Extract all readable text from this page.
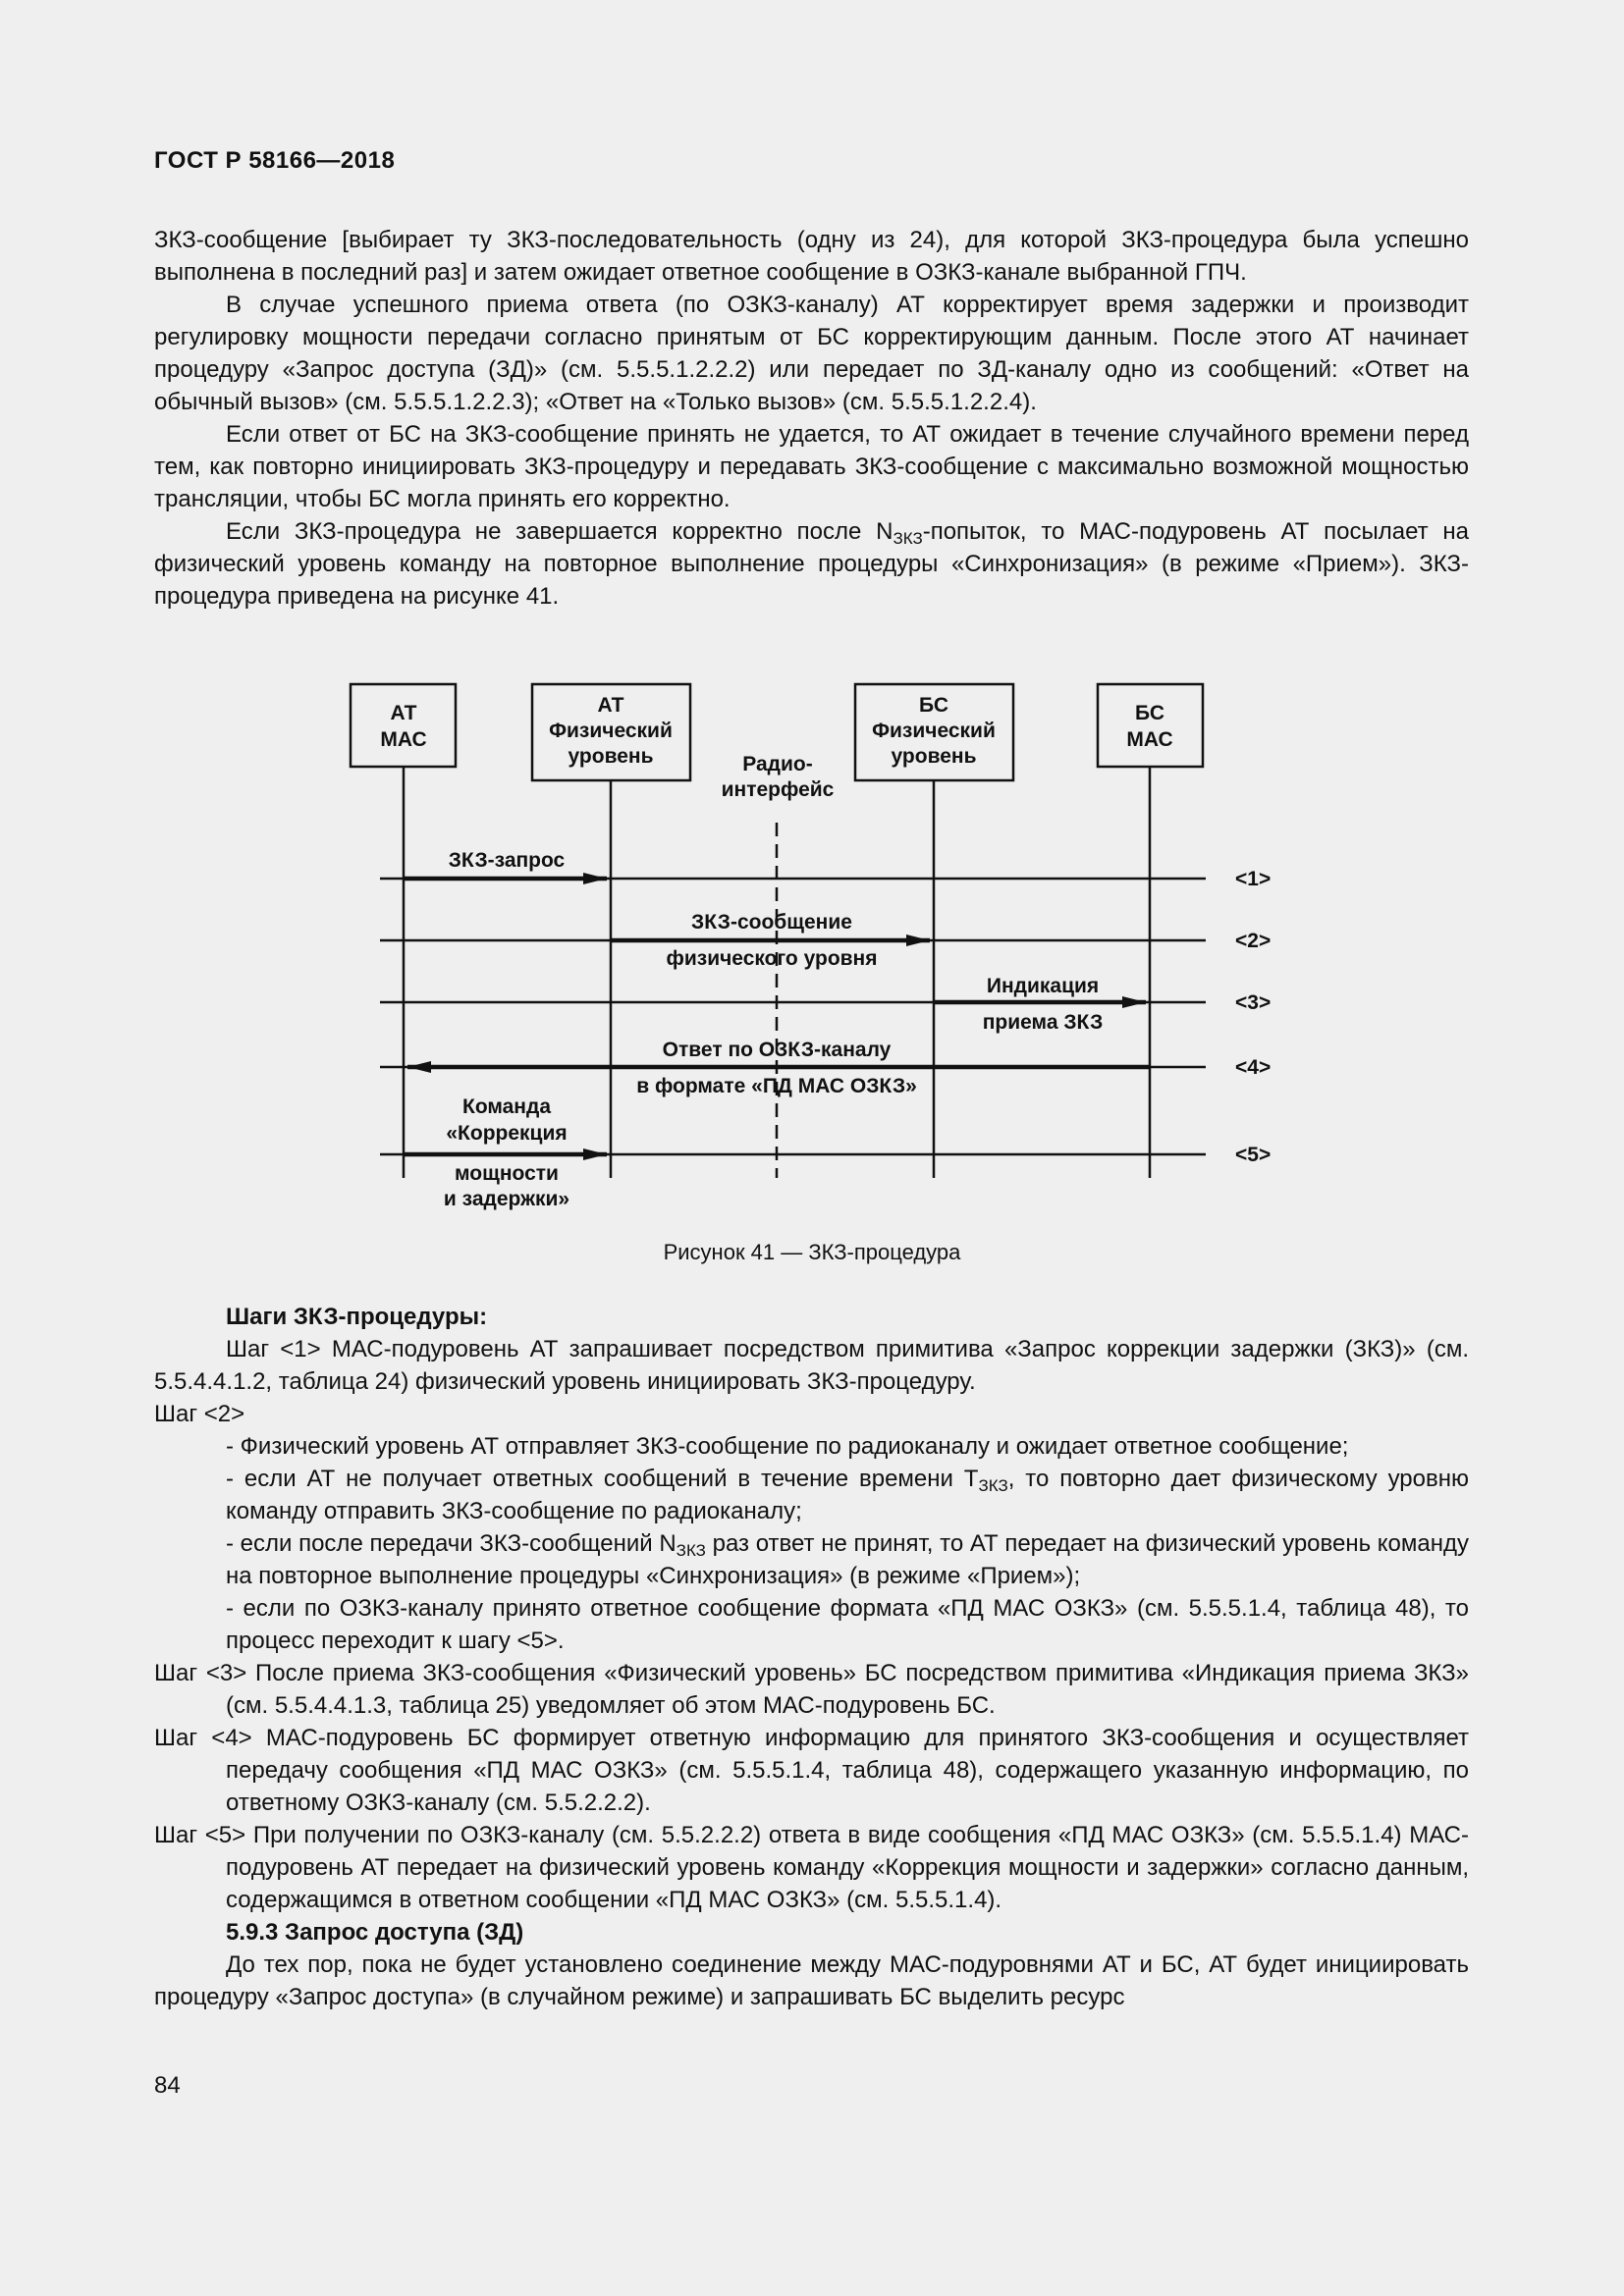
ГОСТ Р 58166—2018

ЗКЗ-сообщение [выбирает ту ЗКЗ-последовательность (одну из 24), для которой ЗКЗ-процедура была успешно выполнена в последний раз] и затем ожидает ответное сообщение в ОЗКЗ-канале выбранной ГПЧ.

В случае успешного приема ответа (по ОЗКЗ-каналу) АТ корректирует время задержки и производит регулировку мощности передачи согласно принятым от БС корректирующим данным. После этого АТ начинает процедуру «Запрос доступа (ЗД)» (см. 5.5.5.1.2.2.2) или передает по ЗД-каналу одно из сообщений: «Ответ на обычный вызов» (см. 5.5.5.1.2.2.3); «Ответ на «Только вызов» (см. 5.5.5.1.2.2.4).

Если ответ от БС на ЗКЗ-сообщение принять не удается, то АТ ожидает в течение случайного времени перед тем, как повторно инициировать ЗКЗ-процедуру и передавать ЗКЗ-сообщение с максимально возможной мощностью трансляции, чтобы БС могла принять его корректно.

Если ЗКЗ-процедура не завершается корректно после $N_{ЗКЗ}$-попыток, то МАС-подуровень АТ посылает на физический уровень команду на повторное выполнение процедуры «Синхронизация» (в режиме «Прием»). ЗКЗ-процедура приведена на рисунке 41.

АТ
МАС
АТ
Физический
уровень
БС
Физический
уровень
БС
МАС
Радио-
интерфейс
ЗКЗ-запрос
ЗКЗ-сообщение
физического уровня
Индикация
приема ЗКЗ
Ответ по ОЗКЗ-каналу
в формате «ПД МАС ОЗКЗ»
Команда
«Коррекция
мощности
и задержки»
<1>
<2>
<3>
<4>
<5>
Рисунок 41 — ЗКЗ-процедура

Шаги ЗКЗ-процедуры:

Шаг <1> МАС-подуровень АТ запрашивает посредством примитива «Запрос коррекции задержки (ЗКЗ)» (см. 5.5.4.4.1.2, таблица 24) физический уровень инициировать ЗКЗ-процедуру.

Шаг <2>

- Физический уровень АТ отправляет ЗКЗ-сообщение по радиоканалу и ожидает ответное сообщение;

- если АТ не получает ответных сообщений в течение времени $Т_{ЗКЗ}$, то повторно дает физическому уровню команду отправить ЗКЗ-сообщение по радиоканалу;

- если после передачи ЗКЗ-сообщений $N_{ЗКЗ}$ раз ответ не принят, то АТ передает на физический уровень команду на повторное выполнение процедуры «Синхронизация» (в режиме «Прием»);

- если по ОЗКЗ-каналу принято ответное сообщение формата «ПД МАС ОЗКЗ» (см. 5.5.5.1.4, таблица 48), то процесс переходит к шагу <5>.

Шаг <3> После приема ЗКЗ-сообщения «Физический уровень» БС посредством примитива «Индикация приема ЗКЗ» (см. 5.5.4.4.1.3, таблица 25) уведомляет об этом МАС-подуровень БС.

Шаг <4> МАС-подуровень БС формирует ответную информацию для принятого ЗКЗ-сообщения и осуществляет передачу сообщения «ПД МАС ОЗКЗ» (см. 5.5.5.1.4, таблица 48), содержащего указанную информацию, по ответному ОЗКЗ-каналу (см. 5.5.2.2.2).

Шаг <5> При получении по ОЗКЗ-каналу (см. 5.5.2.2.2) ответа в виде сообщения «ПД МАС ОЗКЗ» (см. 5.5.5.1.4) МАС-подуровень АТ передает на физический уровень команду «Коррекция мощности и задержки» согласно данным, содержащимся в ответном сообщении «ПД МАС ОЗКЗ» (см. 5.5.5.1.4).

5.9.3 Запрос доступа (ЗД)

До тех пор, пока не будет установлено соединение между МАС-подуровнями АТ и БС, АТ будет инициировать процедуру «Запрос доступа» (в случайном режиме) и запрашивать БС выделить ресурс

84
